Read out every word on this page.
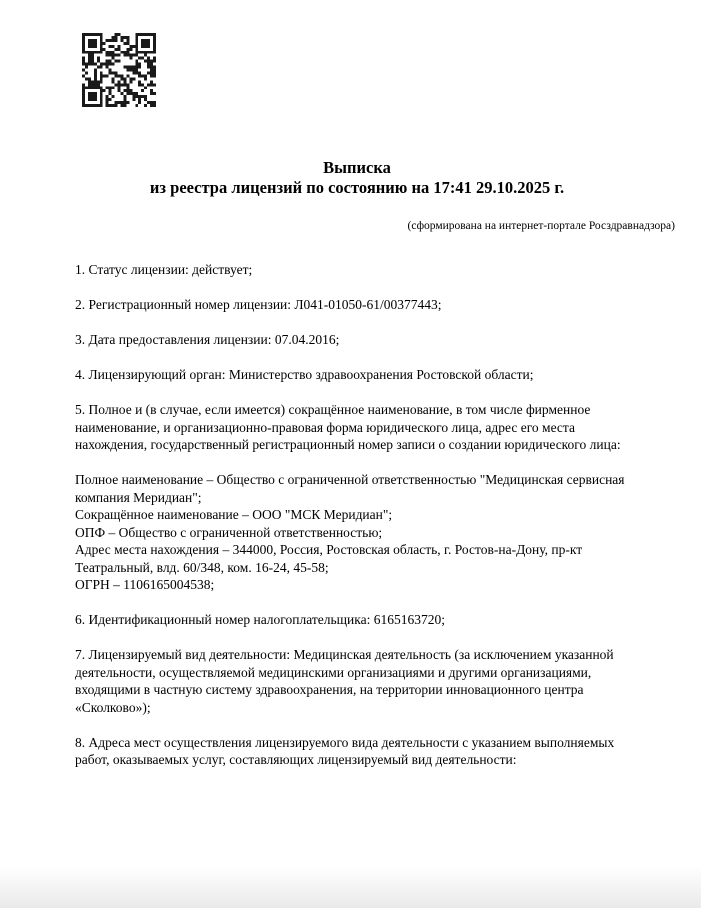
Выписка
из реестра лицензий по состоянию на 17:41 29.10.2025 г.
(сформирована на интернет-портале Росздравнадзора)

1. Статус лицензии: действует;

2. Регистрационный номер лицензии: Л041-01050-61/00377443;

3. Дата предоставления лицензии: 07.04.2016;

4. Лицензирующий орган: Министерство здравоохранения Ростовской области;

5. Полное и (в случае, если имеется) сокращённое наименование, в том числе фирменное наименование, и организационно-правовая форма юридического лица, адрес его места нахождения, государственный регистрационный номер записи о создании юридического лица:

Полное наименование – Общество с ограниченной ответственностью "Медицинская сервисная компания Меридиан";
Сокращённое наименование – ООО "МСК Меридиан";
ОПФ – Общество с ограниченной ответственностью;
Адрес места нахождения – 344000, Россия, Ростовская область, г. Ростов-на-Дону, пр-кт Театральный, влд. 60/348, ком. 16-24, 45-58;
ОГРН – 1106165004538;

6. Идентификационный номер налогоплательщика: 6165163720;

7. Лицензируемый вид деятельности: Медицинская деятельность (за исключением указанной деятельности, осуществляемой медицинскими организациями и другими организациями, входящими в частную систему здравоохранения, на территории инновационного центра «Сколково»);

8. Адреса мест осуществления лицензируемого вида деятельности с указанием выполняемых работ, оказываемых услуг, составляющих лицензируемый вид деятельности:
